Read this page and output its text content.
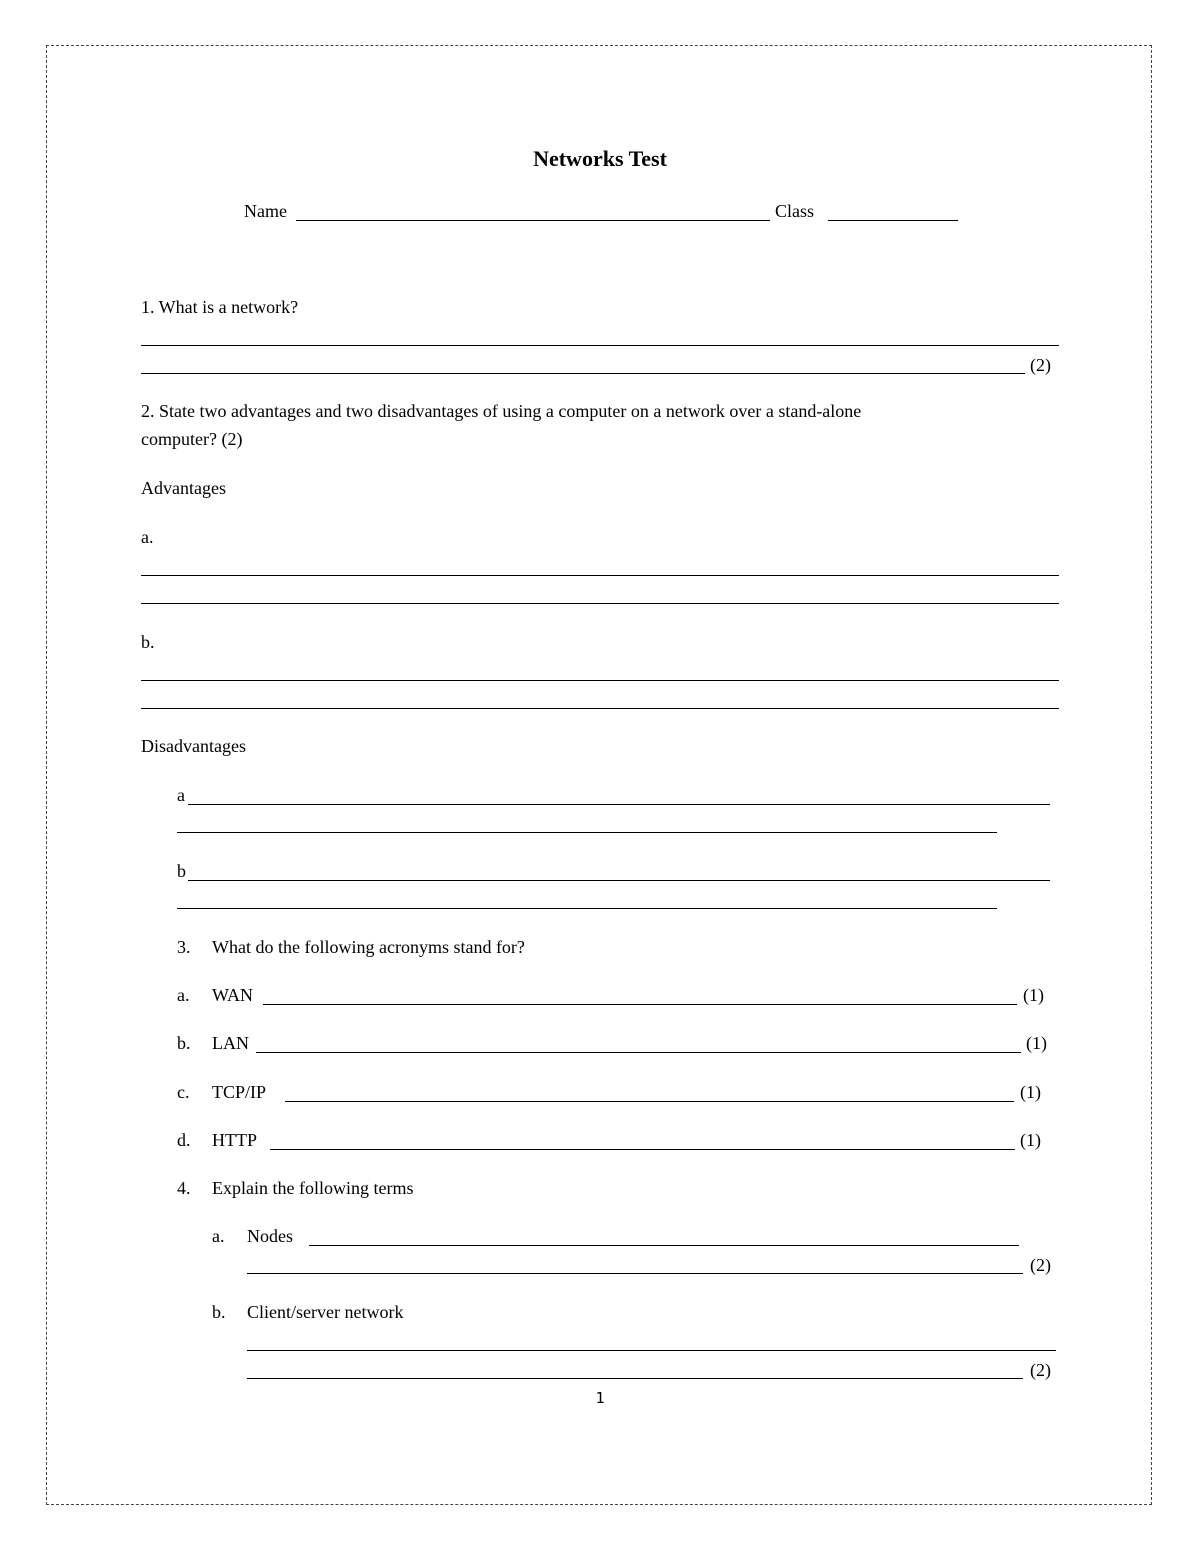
Networks Test
Name	Class
1. What is a network?
(2)
2. State two advantages and two disadvantages of using a computer on a network over a stand-alone
computer? (2)
Advantages
a.
b.
Disadvantages
a
b
3. What do the following acronyms stand for?
a. WAN	(1)
b. LAN	(1)
c. TCP/IP	(1)
d. HTTP	(1)
4. Explain the following terms
a. Nodes
(2)
b. Client/server network
(2)
1
